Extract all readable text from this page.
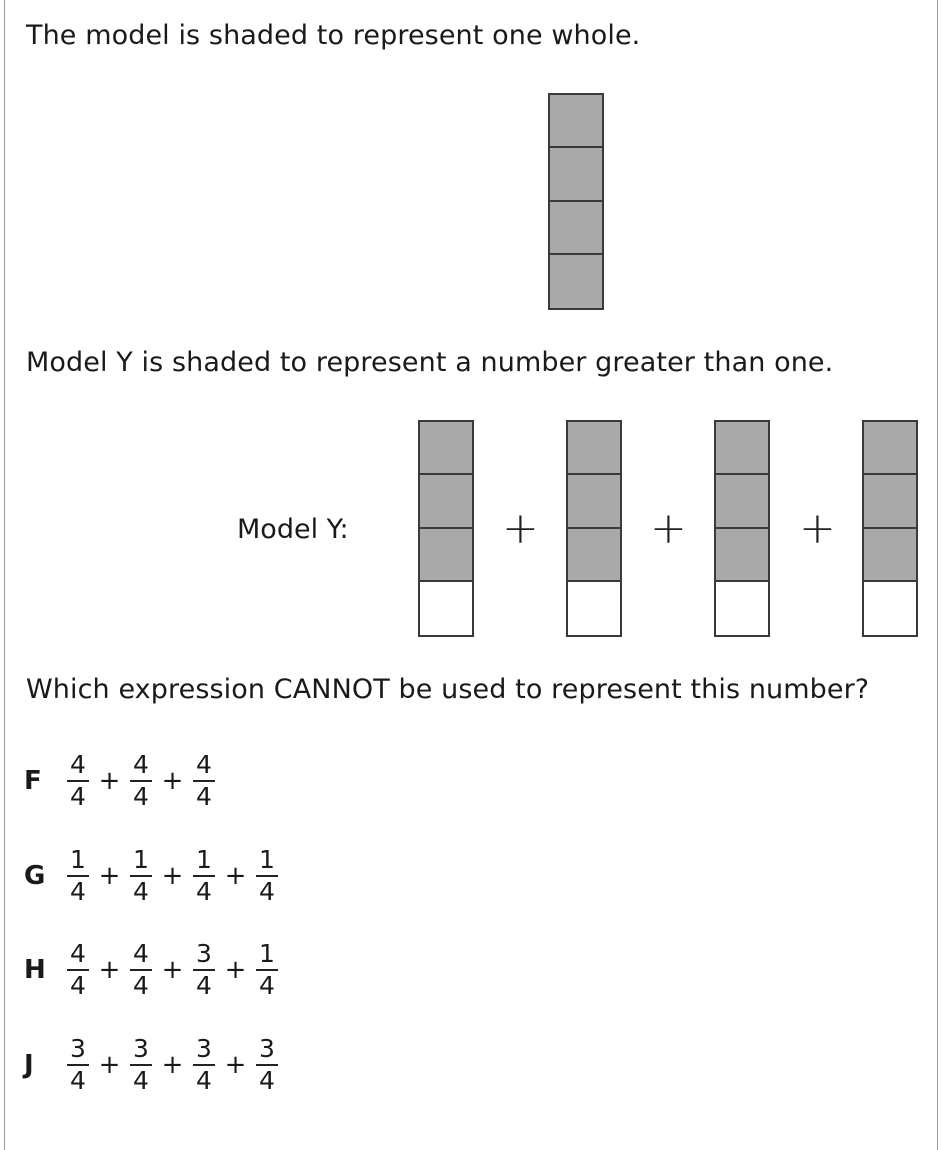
The model is shaded to represent one whole.
Model Y is shaded to represent a number greater than one.
Model Y:	+	+	+
Which expression CANNOT be used to represent this number?
F $\frac{4}{4} + \frac{4}{4} + \frac{4}{4}$
G $\frac{1}{4} + \frac{1}{4} + \frac{1}{4} + \frac{1}{4}$
H $\frac{4}{4} + \frac{4}{4} + \frac{3}{4} + \frac{1}{4}$
J	$\frac{3}{4} + \frac{3}{4} + \frac{3}{4} + \frac{3}{4}$
